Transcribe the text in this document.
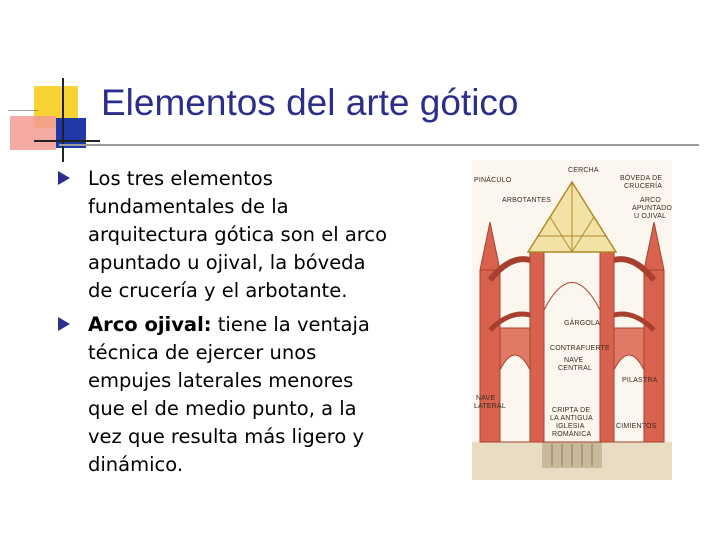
Elementos del arte gótico
Los tres elementos
fundamentales de la
arquitectura gótica son el arco
apuntado u ojival, la bóveda
de crucería y el arbotante.
Arco ojival: tiene la ventaja
técnica de ejercer unos
empujes laterales menores
que el de medio punto, a la
vez que resulta más ligero y
dinámico.
CERCHA
PINÁCULO	BÓVEDA DE
CRUCERÍA
ARBOTANTES	ARCO
APUNTADO
U OJIVAL
GÁRGOLA
CONTRAFUERTE
NAVE
CENTRAL
PILASTRA
NAVE
LATERAL
CRIPTA DE
LA ANTIGUA
IGLESIA
ROMÁNICA
CIMIENTOS
